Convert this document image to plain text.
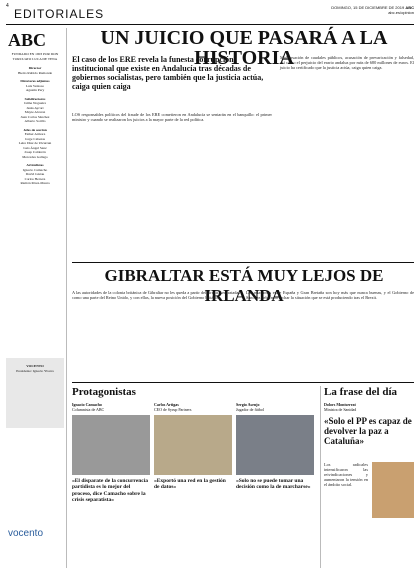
4
EDITORIALES	DOMINGO, 15 DE DICIEMBRE DE 2019 ABC
abc.es/opinion
ABC
FUNDADO EN 1903 POR DON TORCUATO LUCA DE TENA
Director
Bieito Rubido Ramonde
Directores adjuntos
Luis Ventoso
Agustín Pery
Subdirectores
Jaime Nogueira
Jesús Aycart
Mayte Alcaraz
Juan Carlos Sánchez
Alberto Sotillo
Jefes de sección
Esther Armora
Jorge Cabezas
Leire Díaz de Ulzurrun
Luis Ángel Sanz
Josep Calderón
Mercedes Gallego
Articulistas
Ignacio Camacho
David Gistau
Carlos Herrera
Ramón Pérez-Maura
VOCENTO
Presidente: Ignacio Ybarra
vocento
UN JUICIO QUE PASARÁ A LA HISTORIA
El caso de los ERE revela la funesta corrupción institucional que existe en Andalucía tras décadas de gobiernos socialistas, pero también que la justicia actúa, caiga quien caiga
Malversación de caudales públicos, acusación de prevaricación y falsedad, así como el perjuicio del erario andaluz por más de 680 millones de euros. El juicio ha certificado que la justicia actúa, caiga quien caiga.
LOS responsables políticos del fraude de los ERE cometieron en Andalucía se sentarán en el banquillo: el primer ministro y cuando se realizaron los juicios a la mayor parte de la red política.
GIBRALTAR ESTÁ MUY LEJOS DE IRLANDA
A las autoridades de la colonia británica de Gibraltar no les queda a partir del Brexit, ser tratadas como una parte del Reino Unido, y con ellas, la nueva posición del Gobierno británico.
Las relaciones entre España y Gran Bretaña son hoy más que nunca buenas, y el Gobierno de Sánchez debe aprovechar la situación que se está produciendo tras el Brexit.
Protagonistas
Ignacio Camacho
Columnista de ABC
«El disparate de la concurrencia partidista es lo mejor del proceso, dice Camacho sobre la crisis separatista»
Carlos Artigas
CEO de Syrup Partners
«Exportó una red en la gestión de datos»
Sergio Asenjo
Jugador de fútbol
«Solo no se puede tomar una decisión como la de marcharse»
La frase del día
Dolors Montserrat
Ministra de Sanidad
«Solo el PP es capaz de devolver la paz a Cataluña»
Los radicales intensificaron las reivindicaciones y aumentaron la tensión en el ámbito social.
